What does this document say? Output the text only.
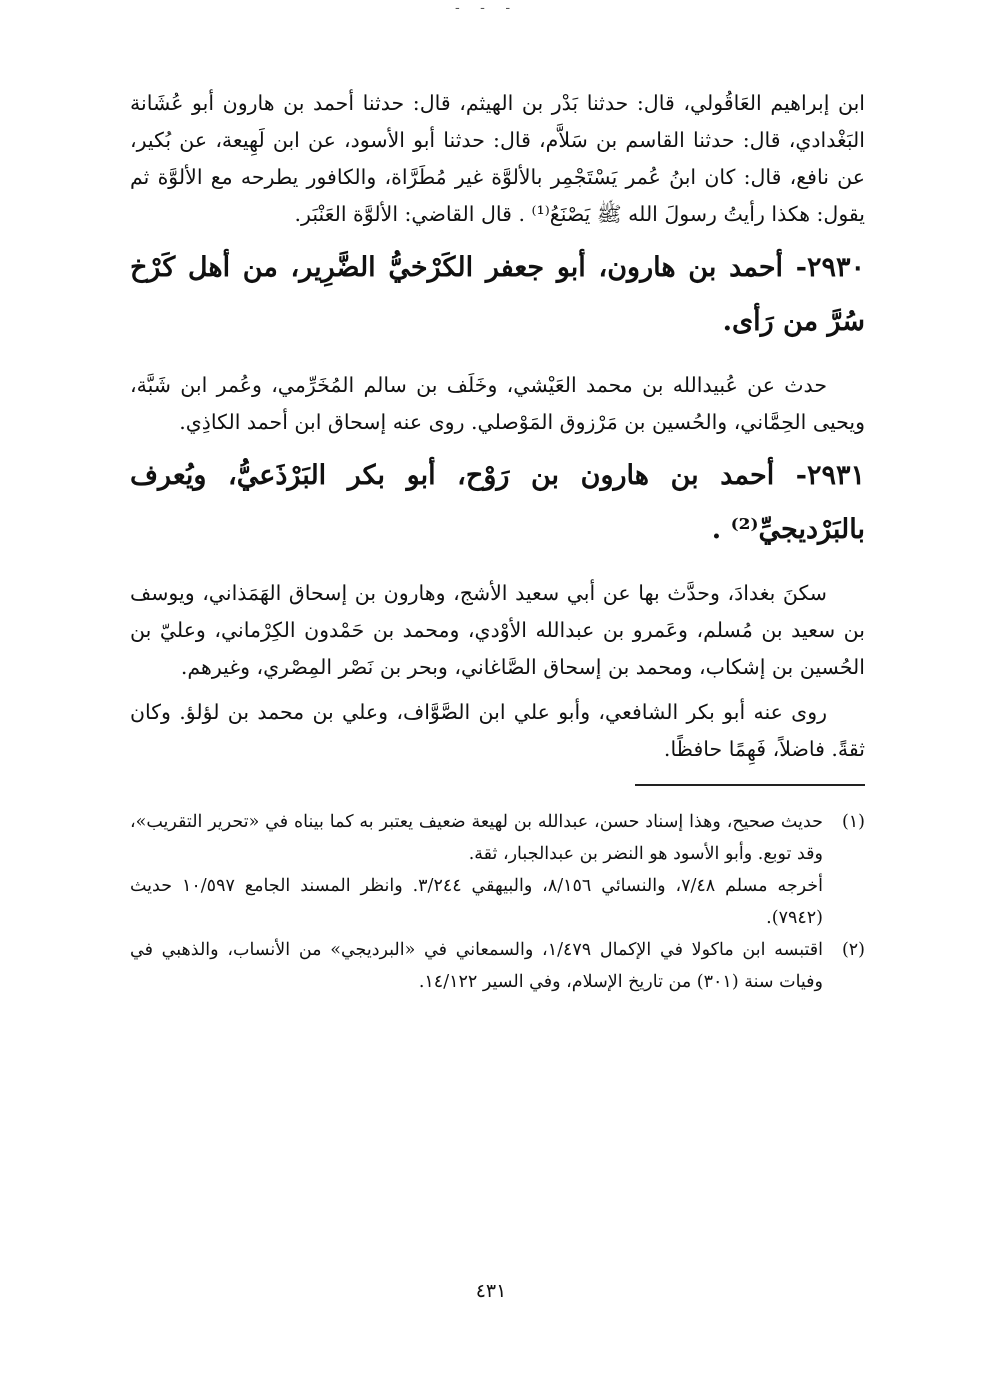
- - -

ابن إبراهيم العَاقُولي، قال: حدثنا بَدْر بن الهيثم، قال: حدثنا أحمد بن هارون أبو عُشَانة البَغْدادي، قال: حدثنا القاسم بن سَلاَّم، قال: حدثنا أبو الأسود، عن ابن لَهِيعة، عن بُكير، عن نافع، قال: كان ابنُ عُمر يَسْتَجْمِر بالألوَّة غير مُطَرَّاة، والكافور يطرحه مع الألوَّة ثم يقول: هكذا رأيتُ رسولَ الله ﷺ يَصْنَعُ⁽¹⁾ . قال القاضي: الألوَّة العَنْبَر.

٢٩٣٠- أحمد بن هارون، أبو جعفر الكَرْخيُّ الضَّرِير، من أهل كَرْخ سُرَّ من رَأى.

حدث عن عُبيدالله بن محمد العَيْشي، وخَلَف بن سالم المُخَرِّمي، وعُمر ابن شَبَّة، ويحيى الحِمَّاني، والحُسين بن مَرْزوق المَوْصلي. روى عنه إسحاق ابن أحمد الكاذِي.

٢٩٣١- أحمد بن هارون بن رَوْح، أبو بكر البَرْذَعيُّ، ويُعرف بالبَرْديجيِّ⁽²⁾ .

سكنَ بغدادَ، وحدَّث بها عن أبي سعيد الأشج، وهارون بن إسحاق الهَمَذاني، ويوسف بن سعيد بن مُسلم، وعَمرو بن عبدالله الأوْدي، ومحمد بن حَمْدون الكِرْماني، وعليّ بن الحُسين بن إشكاب، ومحمد بن إسحاق الصَّاغاني، وبحر بن نَصْر المِصْري، وغيرهم.

روى عنه أبو بكر الشافعي، وأبو علي ابن الصَّوَّاف، وعلي بن محمد بن لؤلؤ. وكان ثقةً. فاضلاً، فَهِمًا حافظًا.

(١)

حديث صحيح، وهذا إسناد حسن، عبدالله بن لهيعة ضعيف يعتبر به كما بيناه في «تحرير التقريب»، وقد توبع. وأبو الأسود هو النضر بن عبدالجبار، ثقة.

أخرجه مسلم ٧/٤٨، والنسائي ٨/١٥٦، والبيهقي ٣/٢٤٤. وانظر المسند الجامع ١٠/٥٩٧ حديث (٧٩٤٢).

(٢)

اقتبسه ابن ماكولا في الإكمال ١/٤٧٩، والسمعاني في «البرديجي» من الأنساب، والذهبي في وفيات سنة (٣٠١) من تاريخ الإسلام، وفي السير ١٤/١٢٢.

٤٣١
